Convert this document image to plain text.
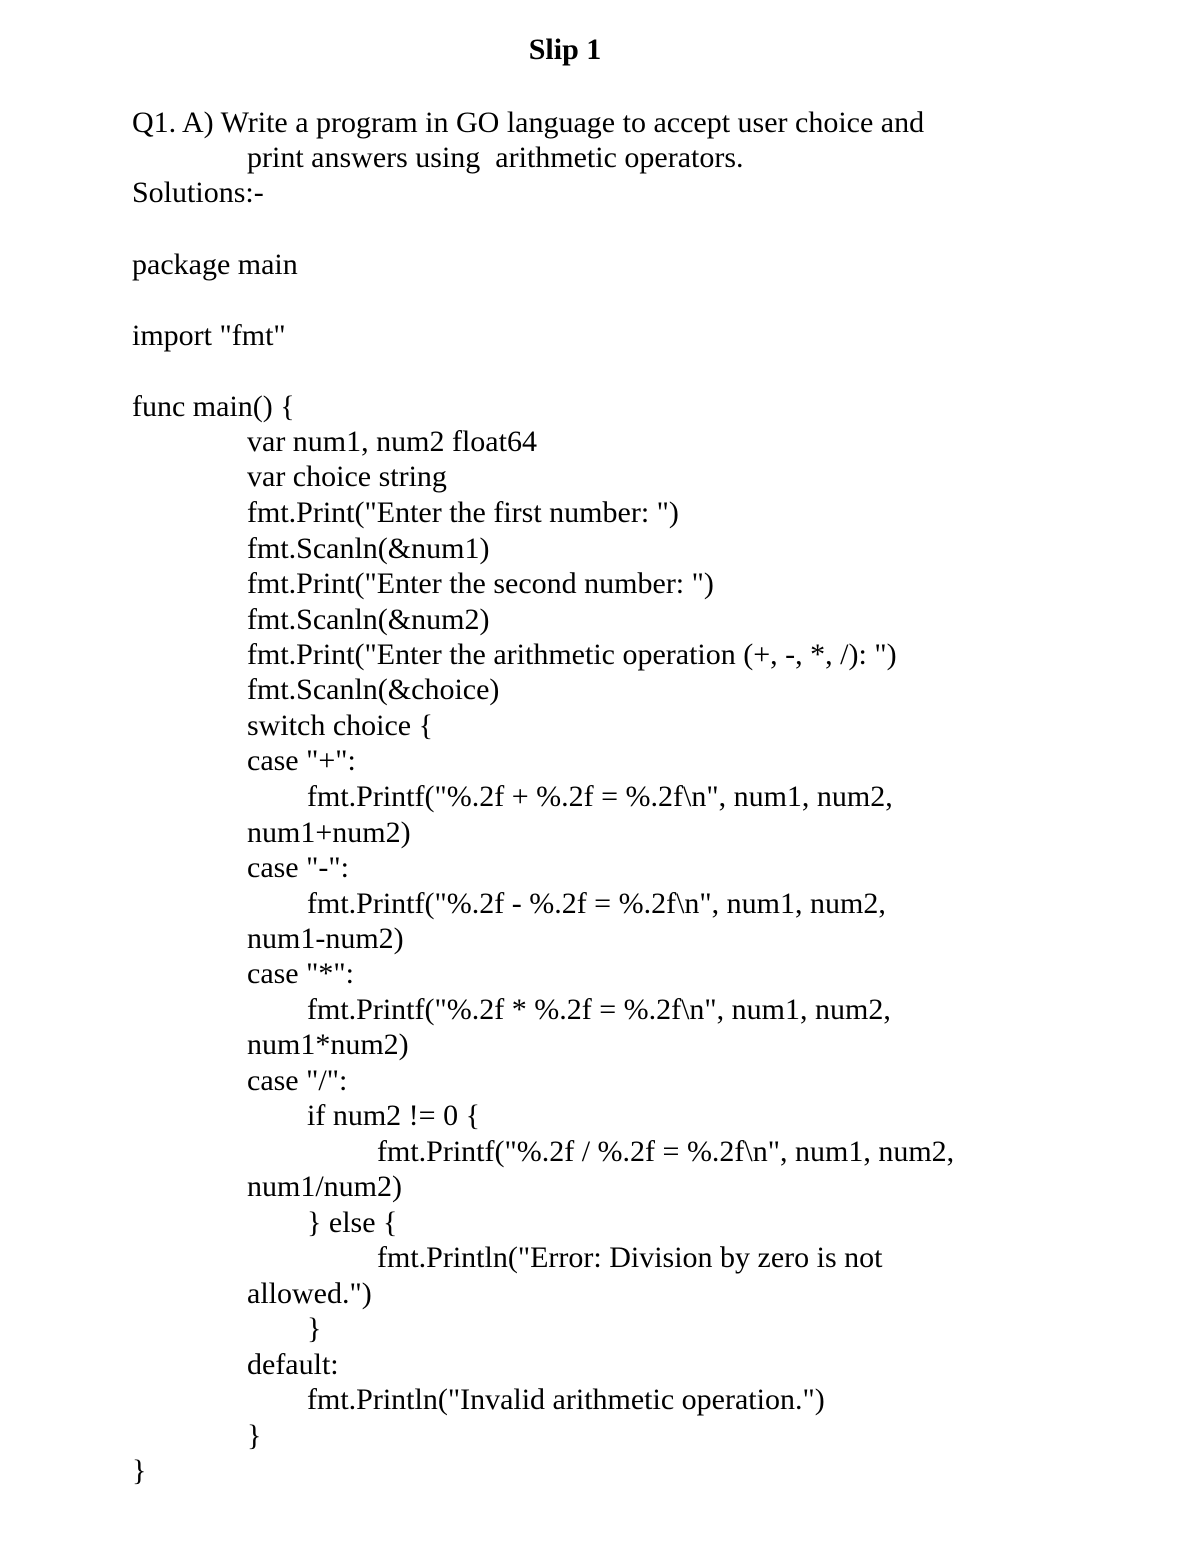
Slip 1
Q1. A) Write a program in GO language to accept user choice and
print answers using  arithmetic operators.
Solutions:-
package main
import "fmt"
func main() {
var num1, num2 float64
var choice string
fmt.Print("Enter the first number: ")
fmt.Scanln(&num1)
fmt.Print("Enter the second number: ")
fmt.Scanln(&num2)
fmt.Print("Enter the arithmetic operation (+, -, *, /): ")
fmt.Scanln(&choice)
switch choice {
case "+":
fmt.Printf("%.2f + %.2f = %.2f\n", num1, num2,
num1+num2)
case "-":
fmt.Printf("%.2f - %.2f = %.2f\n", num1, num2,
num1-num2)
case "*":
fmt.Printf("%.2f * %.2f = %.2f\n", num1, num2,
num1*num2)
case "/":
if num2 != 0 {
fmt.Printf("%.2f / %.2f = %.2f\n", num1, num2,
num1/num2)
} else {
fmt.Println("Error: Division by zero is not
allowed.")
}
default:
fmt.Println("Invalid arithmetic operation.")
}
}
